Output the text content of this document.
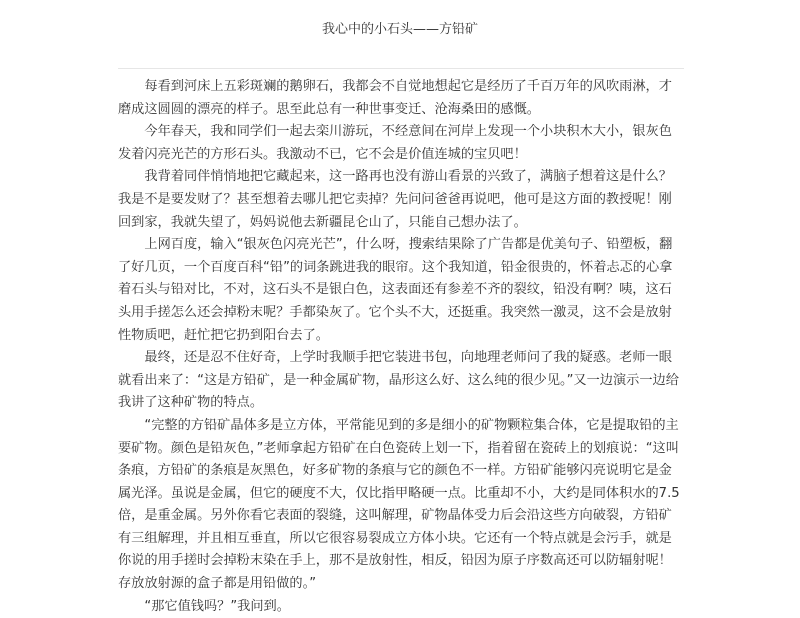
我心中的小石头——方铅矿

每看到河床上五彩斑斓的鹅卵石，我都会不自觉地想起它是经历了千百万年的风吹雨淋，才磨成这圆圆的漂亮的样子。思至此总有一种世事变迁、沧海桑田的感慨。

今年春天，我和同学们一起去栾川游玩，不经意间在河岸上发现一个小块积木大小，银灰色发着闪亮光芒的方形石头。我激动不已，它不会是价值连城的宝贝吧！

我背着同伴悄悄地把它藏起来，这一路再也没有游山看景的兴致了，满脑子想着这是什么？我是不是要发财了？甚至想着去哪儿把它卖掉？先问问爸爸再说吧，他可是这方面的教授呢！刚回到家，我就失望了，妈妈说他去新疆昆仑山了，只能自己想办法了。

上网百度，输入“银灰色闪亮光芒”，什么呀，搜索结果除了广告都是优美句子、铅塑板，翻了好几页，一个百度百科“铅”的词条跳进我的眼帘。这个我知道，铅金很贵的，怀着忐忑的心拿着石头与铅对比，不对，这石头不是银白色，这表面还有参差不齐的裂纹，铅没有啊？咦，这石头用手搓怎么还会掉粉末呢？手都染灰了。它个头不大，还挺重。我突然一激灵，这不会是放射性物质吧，赶忙把它扔到阳台去了。

最终，还是忍不住好奇，上学时我顺手把它装进书包，向地理老师问了我的疑惑。老师一眼就看出来了：“这是方铅矿，是一种金属矿物，晶形这么好、这么纯的很少见。”又一边演示一边给我讲了这种矿物的特点。

“完整的方铅矿晶体多是立方体，平常能见到的多是细小的矿物颗粒集合体，它是提取铅的主要矿物。颜色是铅灰色，”老师拿起方铅矿在白色瓷砖上划一下，指着留在瓷砖上的划痕说：“这叫条痕，方铅矿的条痕是灰黑色，好多矿物的条痕与它的颜色不一样。方铅矿能够闪亮说明它是金属光泽。虽说是金属，但它的硬度不大，仅比指甲略硬一点。比重却不小，大约是同体积水的7.5倍，是重金属。另外你看它表面的裂缝，这叫解理，矿物晶体受力后会沿这些方向破裂，方铅矿有三组解理，并且相互垂直，所以它很容易裂成立方体小块。它还有一个特点就是会污手，就是你说的用手搓时会掉粉末染在手上，那不是放射性，相反，铅因为原子序数高还可以防辐射呢！存放放射源的盒子都是用铅做的。”

“那它值钱吗？”我问到。
